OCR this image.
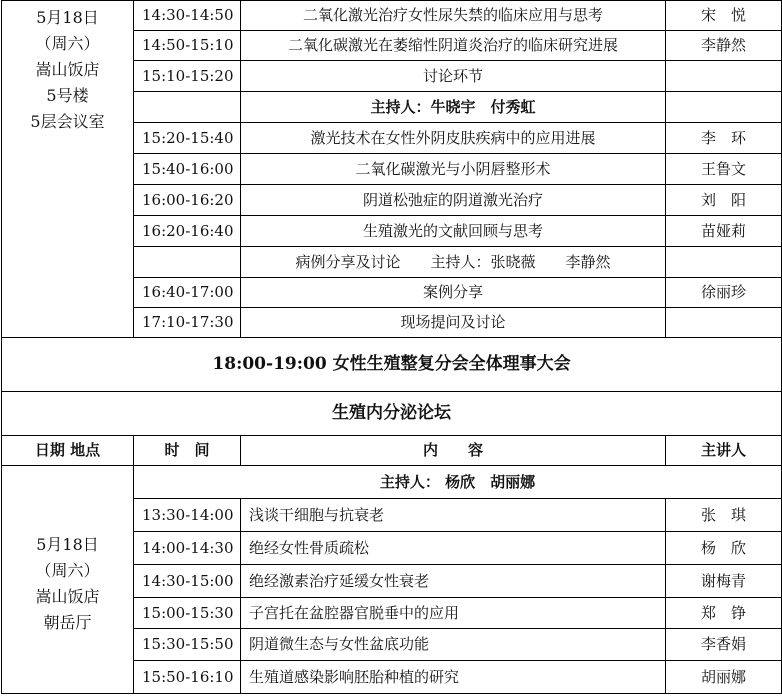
5月18日
（周六）
嵩山饭店
5号楼
5层会议室	14:30-14:50	二氧化激光治疗女性尿失禁的临床应用与思考	宋　悦
	14:50-15:10	二氧化碳激光在萎缩性阴道炎治疗的临床研究进展	李静然
	15:10-15:20	讨论环节	
		主持人：牛晓宇　付秀虹	
	15:20-15:40	激光技术在女性外阴皮肤疾病中的应用进展	李　环
	15:40-16:00	二氧化碳激光与小阴唇整形术	王鲁文
	16:00-16:20	阴道松弛症的阴道激光治疗	刘　阳
	16:20-16:40	生殖激光的文献回顾与思考	苗娅莉
		病例分享及讨论　　主持人：张晓薇　　李静然	
	16:40-17:00	案例分享	徐丽珍
	17:10-17:30	现场提问及讨论	
18:00-19:00 女性生殖整复分会全体理事大会			
生殖内分泌论坛			
日期 地点	时　间	内　　容	主讲人

5月18日
（周六）
嵩山饭店
朝岳厅	主持人： 杨欣　胡丽娜		
	13:30-14:00	浅谈干细胞与抗衰老	张　琪
	14:00-14:30	绝经女性骨质疏松	杨　欣
	14:30-15:00	绝经激素治疗延缓女性衰老	谢梅青
	15:00-15:30	子宫托在盆腔器官脱垂中的应用	郑　铮
	15:30-15:50	阴道微生态与女性盆底功能	李香娟
	15:50-16:10	生殖道感染影响胚胎种植的研究	胡丽娜
